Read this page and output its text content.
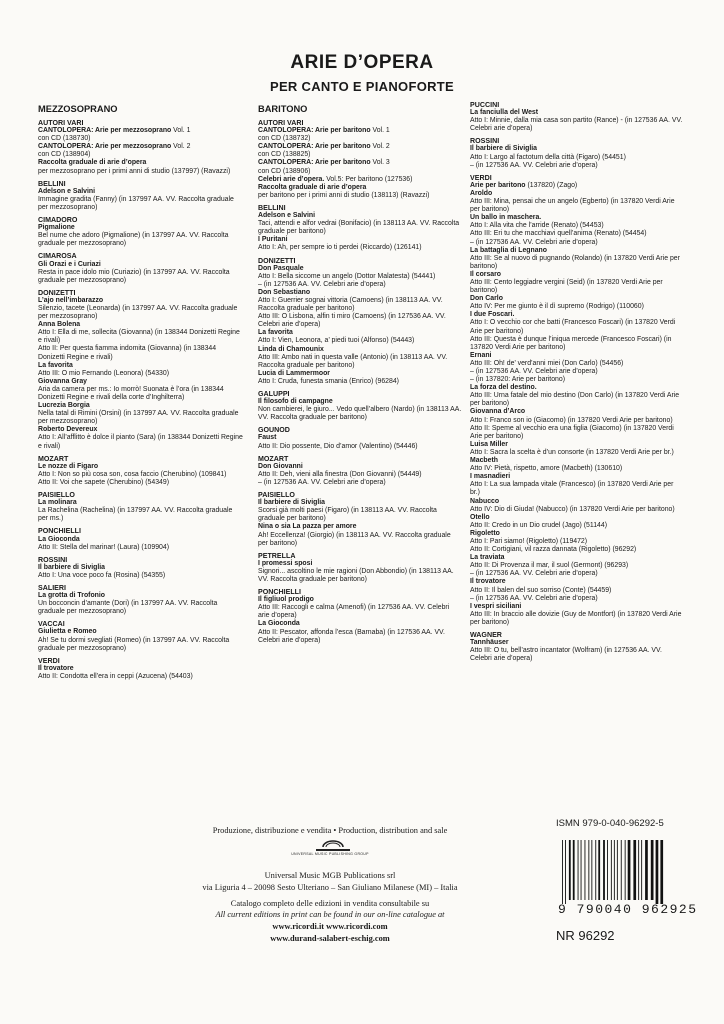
ARIE D’OPERA
PER CANTO E PIANOFORTE
MEZZOSOPRANO
AUTORI VARI
CANTOLOPERA: Arie per mezzosoprano Vol. 1
con CD (138730)
CANTOLOPERA: Arie per mezzosoprano Vol. 2
con CD (138904)
Raccolta graduale di arie d’opera
per mezzosoprano per i primi anni di studio (137997) (Ravazzi)
BELLINI
Adelson e Salvini
Immagine gradita (Fanny) (in 137997 AA. VV. Raccolta graduale per mezzosoprano)
CIMADORO
Pigmalione
Bel nume che adoro (Pigmalione) (in 137997 AA. VV. Raccolta graduale per mezzosoprano)
CIMAROSA
Gli Orazi e i Curiazi
Resta in pace idolo mio (Curiazio) (in 137997 AA. VV. Raccolta graduale per mezzosoprano)
DONIZETTI
L’ajo nell’imbarazzo
Silenzio, tacete (Leonarda) (in 137997 AA. VV. Raccolta graduale per mezzosoprano)
Anna Bolena
Atto I: Ella di me, sollecita (Giovanna) (in 138344 Donizetti Regine e rivali)
Atto II: Per questa fiamma indomita (Giovanna) (in 138344 Donizetti Regine e rivali)
La favorita
Atto III: O mio Fernando (Leonora) (54330)
Giovanna Gray
Aria da camera per ms.: Io morrò! Suonata è l’ora (in 138344 Donizetti Regine e rivali della corte d’Inghilterra)
Lucrezia Borgia
Nella tatal di Rimini (Orsini) (in 137997 AA. VV. Raccolta graduale per mezzosoprano)
Roberto Devereux
Atto I: All’afflitto è dolce il pianto (Sara) (in 138344 Donizetti Regine e rivali)
MOZART
Le nozze di Figaro
Atto I: Non so più cosa son, cosa faccio (Cherubino) (109841)
Atto II: Voi che sapete (Cherubino) (54349)
PAISIELLO
La molinara
La Rachelina (Rachelina) (in 137997 AA. VV. Raccolta graduale per ms.)
PONCHIELLI
La Gioconda
Atto II: Stella del marinar! (Laura) (109904)
ROSSINI
Il barbiere di Siviglia
Atto I: Una voce poco fa (Rosina) (54355)
SALIERI
La grotta di Trofonio
Un bocconcin d’amante (Dori) (in 137997 AA. VV. Raccolta graduale per mezzosoprano)
VACCAI
Giulietta e Romeo
Ah! Se tu dormi svegliati (Romeo) (in 137997 AA. VV. Raccolta graduale per mezzosoprano)
VERDI
Il trovatore
Atto II: Condotta ell’era in ceppi (Azucena) (54403)
BARITONO
AUTORI VARI
CANTOLOPERA: Arie per baritono Vol. 1
con CD (138732)
CANTOLOPERA: Arie per baritono Vol. 2
con CD (138825)
CANTOLOPERA: Arie per baritono Vol. 3
con CD (138906)
Celebri arie d’opera. Vol.5: Per baritono (127536)
Raccolta graduale di arie d’opera
per baritono per i primi anni di studio (138113) (Ravazzi)
BELLINI
Adelson e Salvini
Taci, attendi e alfor vedrai (Bonifacio) (in 138113 AA. VV. Raccolta graduale per baritono)
I Puritani
Atto I: Ah, per sempre io ti perdei (Riccardo) (126141)
DONIZETTI
Don Pasquale
Atto I: Bella siccome un angelo (Dottor Malatesta) (54441)
– (in 127536 AA. VV. Celebri arie d’opera)
Don Sebastiano
Atto I: Guerrier sognai vittoria (Camoens) (in 138113 AA. VV. Raccolta graduale per baritono)
Atto III: O Lisbona, alfin ti miro (Camoens) (in 127536 AA. VV. Celebri arie d’opera)
La favorita
Atto I: Vien, Leonora, a’ piedi tuoi (Alfonso) (54443)
Linda di Chamounix
Atto III: Ambo nati in questa valle (Antonio) (in 138113 AA. VV. Raccolta graduale per baritono)
Lucia di Lammermoor
Atto I: Cruda, funesta smania (Enrico) (96284)
GALUPPI
Il filosofo di campagne
Non cambierei, le giuro... Vedo quell’albero (Nardo) (in 138113 AA. VV. Raccolta graduale per baritono)
GOUNOD
Faust
Atto II: Dio possente, Dio d’amor (Valentino) (54446)
MOZART
Don Giovanni
Atto II: Deh, vieni alla finestra (Don Giovanni) (54449)
– (in 127536 AA. VV. Celebri arie d’opera)
PAISIELLO
Il barbiere di Siviglia
Scorsi già molti paesi (Figaro) (in 138113 AA. VV. Raccolta graduale per baritono)
Nina o sia La pazza per amore
Ah! Eccellenza! (Giorgio) (in 138113 AA. VV. Raccolta graduale per baritono)
PETRELLA
I promessi sposi
Signori... ascoltino le mie ragioni (Don Abbondio) (in 138113 AA. VV. Raccolta graduale per baritono)
PONCHIELLI
Il figliuol prodigo
Atto III: Raccogli e calma (Amenofi) (in 127536 AA. VV. Celebri arie d’opera)
La Gioconda
Atto II: Pescator, affonda l’esca (Barnaba) (in 127536 AA. VV. Celebri arie d’opera)
PUCCINI
La fanciulla del West
Atto I: Minnie, dalla mia casa son partito (Rance) - (in 127536 AA. VV. Celebri arie d’opera)
ROSSINI
Il barbiere di Siviglia
Atto I: Largo al factotum della città (Figaro) (54451)
– (in 127536 AA. VV. Celebri arie d’opera)
VERDI
Arie per baritono (137820) (Zago)
Aroldo
Atto III: Mina, pensai che un angelo (Egberto) (in 137820 Verdi Arie per baritono)
Un ballo in maschera.
Atto I: Alla vita che l’arride (Renato) (54453)
Atto III: Eri tu che macchiavi quell’anima (Renato) (54454)
– (in 127536 AA. VV. Celebri arie d’opera)
La battaglia di Legnano
Atto III: Se al nuovo di pugnando (Rolando) (in 137820 Verdi Arie per baritono)
Il corsaro
Atto III: Cento leggiadre vergini (Seid) (in 137820 Verdi Arie per baritono)
Don Carlo
Atto IV: Per me giunto è il dì supremo (Rodrigo) (110060)
I due Foscari.
Atto I: O vecchio cor che batti (Francesco Foscari) (in 137820 Verdi Arie per baritono)
Atto III: Questa è dunque l’iniqua mercede (Francesco Foscari) (in 137820 Verdi Arie per baritono)
Ernani
Atto III: Oh! de’ verd’anni miei (Don Carlo) (54456)
– (in 127536 AA. VV. Celebri arie d’opera)
– (in 137820: Arie per baritono)
La forza del destino.
Atto III: Urna fatale del mio destino (Don Carlo) (in 137820 Verdi Arie per baritono)
Giovanna d’Arco
Atto I: Franco son io (Giacomo) (in 137820 Verdi Arie per baritono)
Atto II: Speme al vecchio era una figlia (Giacomo) (in 137820 Verdi Arie per baritono)
Luisa Miller
Atto I: Sacra la scelta è d’un consorte (in 137820 Verdi Arie per br.)
Macbeth
Atto IV: Pietà, rispetto, amore (Macbeth) (130610)
I masnadieri
Atto I: La sua lampada vitale (Francesco) (in 137820 Verdi Arie per br.)
Nabucco
Atto IV: Dio di Giuda! (Nabucco) (in 137820 Verdi Arie per baritono)
Otello
Atto II: Credo in un Dio crudel (Jago) (51144)
Rigoletto
Atto I: Pari siamo! (Rigoletto) (119472)
Atto II: Cortigiani, vil razza dannata (Rigoletto) (96292)
La traviata
Atto II: Di Provenza il mar, il suol (Germont) (96293)
– (in 127536 AA. VV. Celebri arie d’opera)
Il trovatore
Atto II: Il balen del suo sorriso (Conte) (54459)
– (in 127536 AA. VV. Celebri arie d’opera)
I vespri siciliani
Atto III: In braccio alle dovizie (Guy de Montfort) (in 137820 Verdi Arie per baritono)
WAGNER
Tannhäuser
Atto III: O tu, bell’astro incantator (Wolfram) (in 127536 AA. VV. Celebri arie d’opera)
Produzione, distribuzione e vendita • Production, distribution and sale
UNIVERSAL MUSIC PUBLISHING GROUP
Universal Music MGB Publications srl
via Liguria 4 – 20098 Sesto Ulteriano – San Giuliano Milanese (MI) – Italia
Catalogo completo delle edizioni in vendita consultabile su
All current editions in print can be found in our on-line catalogue at
www.ricordi.it www.ricordi.com
www.durand-salabert-eschig.com
ISMN 979-0-040-96292-5
9 790040 962925
NR 96292
